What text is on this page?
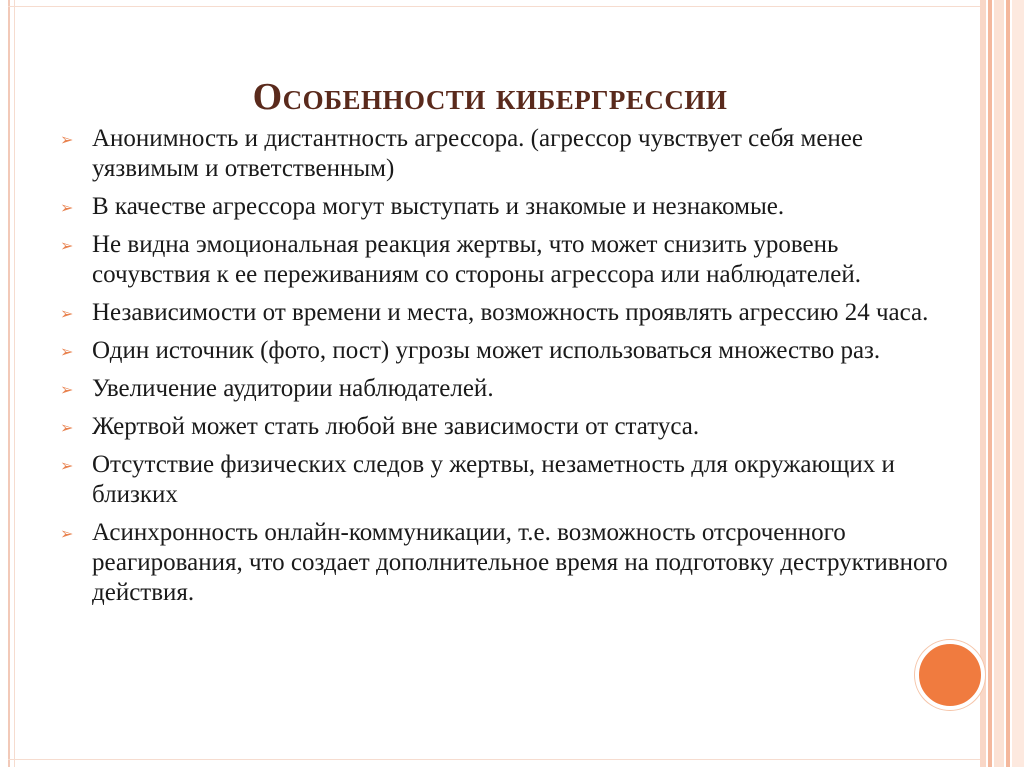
Особенности кибергрессии
➢ Анонимность и дистантность агрессора. (агрессор чувствует себя менее уязвимым и ответственным)
➢ В качестве агрессора могут выступать и знакомые и незнакомые.
➢ Не видна эмоциональная реакция жертвы, что может снизить уровень сочувствия к ее переживаниям со стороны агрессора или наблюдателей.
➢ Независимости от времени и места, возможность проявлять агрессию 24 часа.
➢ Один источник (фото, пост) угрозы может использоваться множество раз.
➢ Увеличение аудитории наблюдателей.
➢ Жертвой может стать любой вне зависимости от статуса.
➢ Отсутствие физических следов у жертвы, незаметность для окружающих и близких
➢ Асинхронность онлайн-коммуникации, т.е. возможность отсроченного реагирования, что создает дополнительное время на подготовку деструктивного действия.
